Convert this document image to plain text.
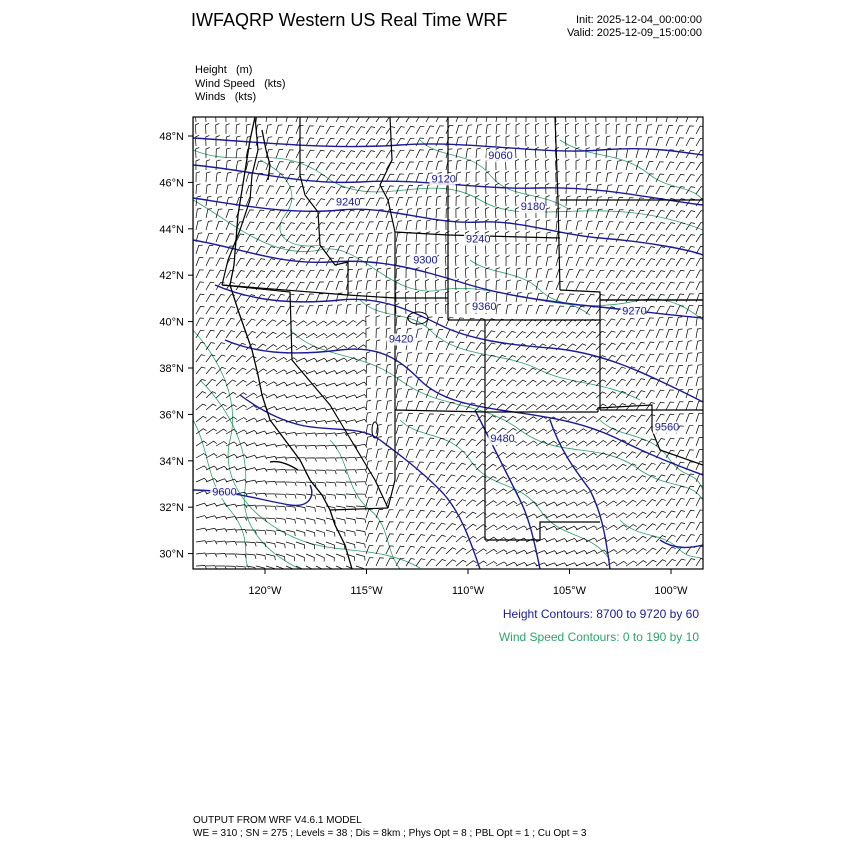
IWFAQRP Western US Real Time WRF	Init: 2025-12-04_00:00:00
Valid: 2025-12-09_15:00:00
Height (m)
Wind Speed (kts)
Winds (kts)
9060
9120
9240	9180
9240
9300
9360
9420
9270
9480
9560
9600
48°N
46°N
44°N
42°N
40°N
38°N
36°N
34°N
32°N
30°N
120°W	115°W	110°W	105°W	100°W
Height Contours: 8700 to 9720 by 60
Wind Speed Contours: 0 to 190 by 10
OUTPUT FROM WRF V4.6.1 MODEL
WE = 310 ; SN = 275 ; Levels = 38 ; Dis = 8km ; Phys Opt = 8 ; PBL Opt = 1 ; Cu Opt = 3
